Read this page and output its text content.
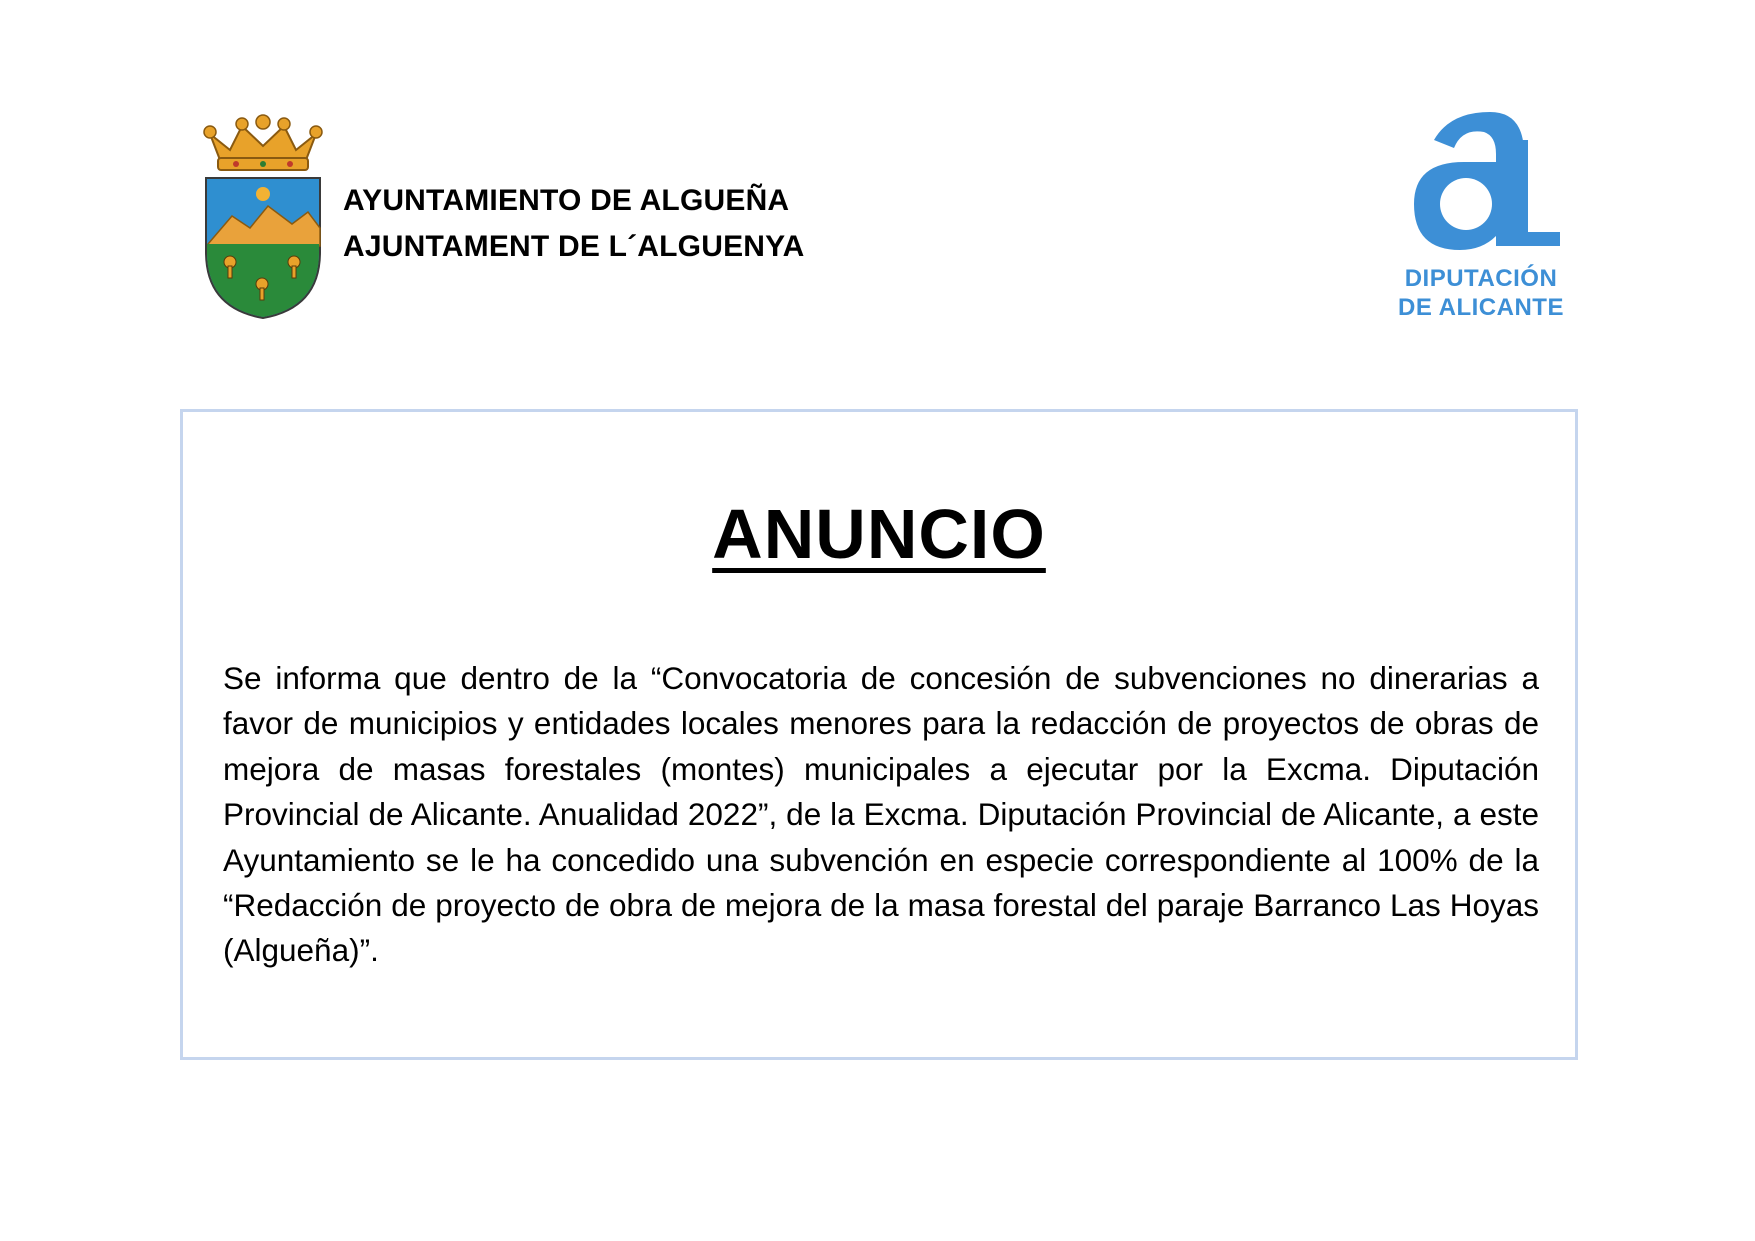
AYUNTAMIENTO DE ALGUEÑA
AJUNTAMENT DE L´ALGUENYA
DIPUTACIÓN
DE ALICANTE
ANUNCIO

Se informa que dentro de la “Convocatoria de concesión de subvenciones no dinerarias a favor de municipios y entidades locales menores para la redacción de proyectos de obras de mejora de masas forestales (montes) municipales a ejecutar por la Excma. Diputación Provincial de Alicante. Anualidad 2022”, de la Excma. Diputación Provincial de Alicante, a este Ayuntamiento se le ha concedido una subvención en especie correspondiente al 100% de la “Redacción de proyecto de obra de mejora de la masa forestal del paraje Barranco Las Hoyas (Algueña)”.
